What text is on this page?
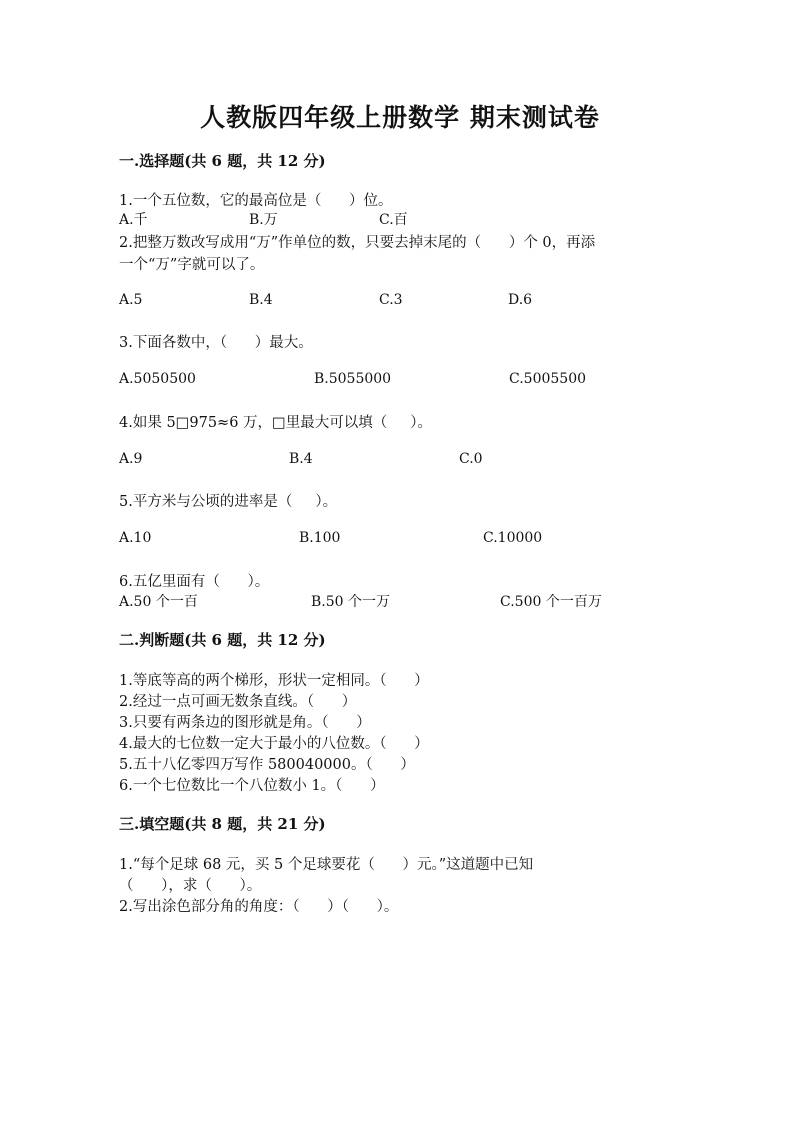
人教版四年级上册数学 期末测试卷
一.选择题(共 6 题，共 12 分)
1.一个五位数，它的最高位是（      ）位。
A.千	B.万	C.百
2.把整万数改写成用“万”作单位的数，只要去掉末尾的（      ）个 0，再添
一个“万”字就可以了。
A.5	B.4	C.3	D.6
3.下面各数中，（      ）最大。
A.5050500	B.5055000	C.5005500
4.如果 5□975≈6 万，□里最大可以填（     ）。
A.9	B.4	C.0
5.平方米与公顷的进率是（     ）。
A.10	B.100	C.10000
6.五亿里面有（      ）。
A.50 个一百	B.50 个一万	C.500 个一百万
二.判断题(共 6 题，共 12 分)
1.等底等高的两个梯形，形状一定相同。（      ）
2.经过一点可画无数条直线。（      ）
3.只要有两条边的图形就是角。（      ）
4.最大的七位数一定大于最小的八位数。（      ）
5.五十八亿零四万写作 580040000。（      ）
6.一个七位数比一个八位数小 1。（      ）
三.填空题(共 8 题，共 21 分)
1.“每个足球 68 元，买 5 个足球要花（      ）元。”这道题中已知
（      ），求（      ）。
2.写出涂色部分角的角度：（      ）（      ）。
